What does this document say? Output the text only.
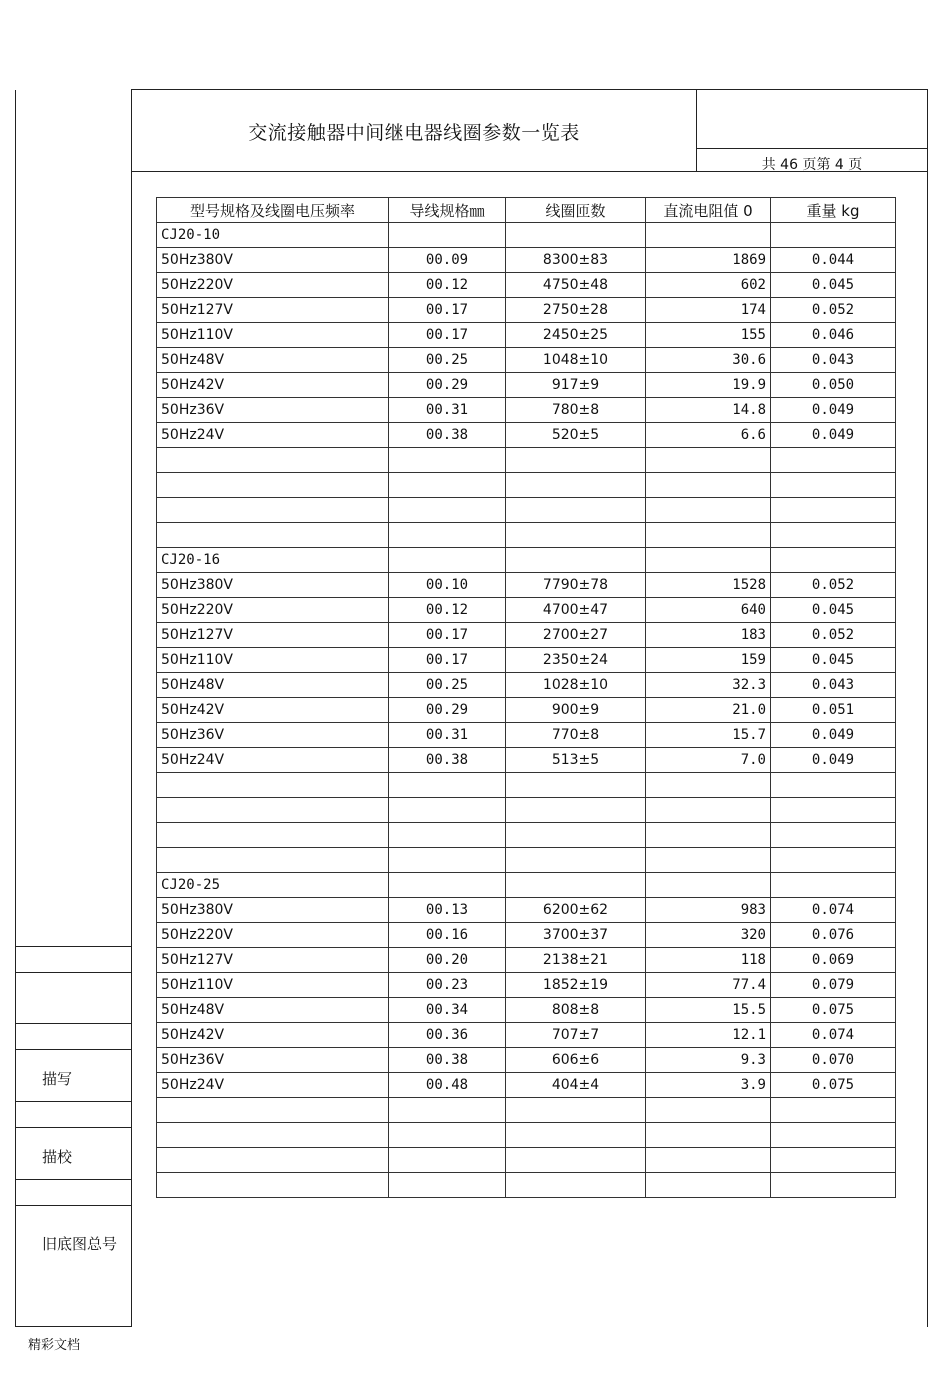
交流接触器中间继电器线圈参数一览表
共 46 页第 4 页
描写
描校
旧底图总号
型号规格及线圈电压频率	导线规格㎜	线圈匝数	直流电阻值 0	重量 kg
CJ20-10				
50Hz380V	00.09	8300±83	1869	0.044
50Hz220V	00.12	4750±48	602	0.045
50Hz127V	00.17	2750±28	174	0.052
50Hz110V	00.17	2450±25	155	0.046
50Hz48V	00.25	1048±10	30.6	0.043
50Hz42V	00.29	917±9	19.9	0.050
50Hz36V	00.31	780±8	14.8	0.049
50Hz24V	00.38	520±5	6.6	0.049

CJ20-16				
50Hz380V	00.10	7790±78	1528	0.052
50Hz220V	00.12	4700±47	640	0.045
50Hz127V	00.17	2700±27	183	0.052
50Hz110V	00.17	2350±24	159	0.045
50Hz48V	00.25	1028±10	32.3	0.043
50Hz42V	00.29	900±9	21.0	0.051
50Hz36V	00.31	770±8	15.7	0.049
50Hz24V	00.38	513±5	7.0	0.049

CJ20-25				
50Hz380V	00.13	6200±62	983	0.074
50Hz220V	00.16	3700±37	320	0.076
50Hz127V	00.20	2138±21	118	0.069
50Hz110V	00.23	1852±19	77.4	0.079
50Hz48V	00.34	808±8	15.5	0.075
50Hz42V	00.36	707±7	12.1	0.074
50Hz36V	00.38	606±6	9.3	0.070
50Hz24V	00.48	404±4	3.9	0.075

精彩文档
